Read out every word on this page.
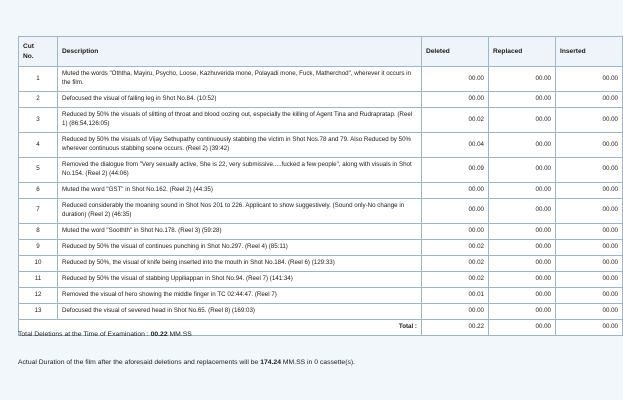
Cut
No.	Description	Deleted	Replaced	Inserted
1	Muted the words "Oththa, Mayiru, Psycho, Loose, Kazhuverida mone, Polayadi mone, Fuck, Matherchod", wherever it occurs in the film.	00.00	00.00	00.00
2	Defocused the visual of falling leg in Shot No.84. (10:52)	00.00	00.00	00.00
3	Reduced by 50% the visuals of slitting of throat and blood oozing out, especially the killing of Agent Tina and Rudrapratap. (Reel 1) (86:54,126:05)	00.02	00.00	00.00
4	Reduced by 50% the visuals of Vijay Sethupathy continuously stabbing the victim in Shot Nos.78 and 79. Also Reduced by 50% wherever continuous stabbing scene occurs. (Reel 2) (39:42)	00.04	00.00	00.00
5	Removed the dialogue from "Very sexually active, She is 22, very submissive.....fucked a few people", along with visuals in Shot No.154. (Reel 2) (44:06)	00.09	00.00	00.00
6	Muted the word "GST" in Shot No.162. (Reel 2) (44:35)	00.00	00.00	00.00
7	Reduced considerably the moaning sound in Shot Nos 201 to 226. Applicant to show suggestively. (Sound only-No change in duration) (Reel 2) (46:35)	00.00	00.00	00.00
8	Muted the word "Soothth" in Shot No.178. (Reel 3) (59:28)	00.00	00.00	00.00
9	Reduced by 50% the visual of continues punching in Shot No.297. (Reel 4) (85:11)	00.02	00.00	00.00
10	Reduced by 50%, the visual of knife being inserted into the mouth in Shot No.184. (Reel 6) (129:33)	00.02	00.00	00.00
11	Reduced by 50% the visual of stabbing Uppiliappan in Shot No.94. (Reel 7) (141:34)	00.02	00.00	00.00
12	Removed the visual of hero showing the middle finger in TC 02:44:47. (Reel 7)	00.01	00.00	00.00
13	Defocused the visual of severed head in Shot No.65. (Reel 8) (169:03)	00.00	00.00	00.00
Total :		00.22	00.00	00.00
Total Deletions at the Time of Examination : 00.22 MM.SS
Actual Duration of the film after the aforesaid deletions and replacements will be 174.24 MM.SS in 0 cassette(s).
